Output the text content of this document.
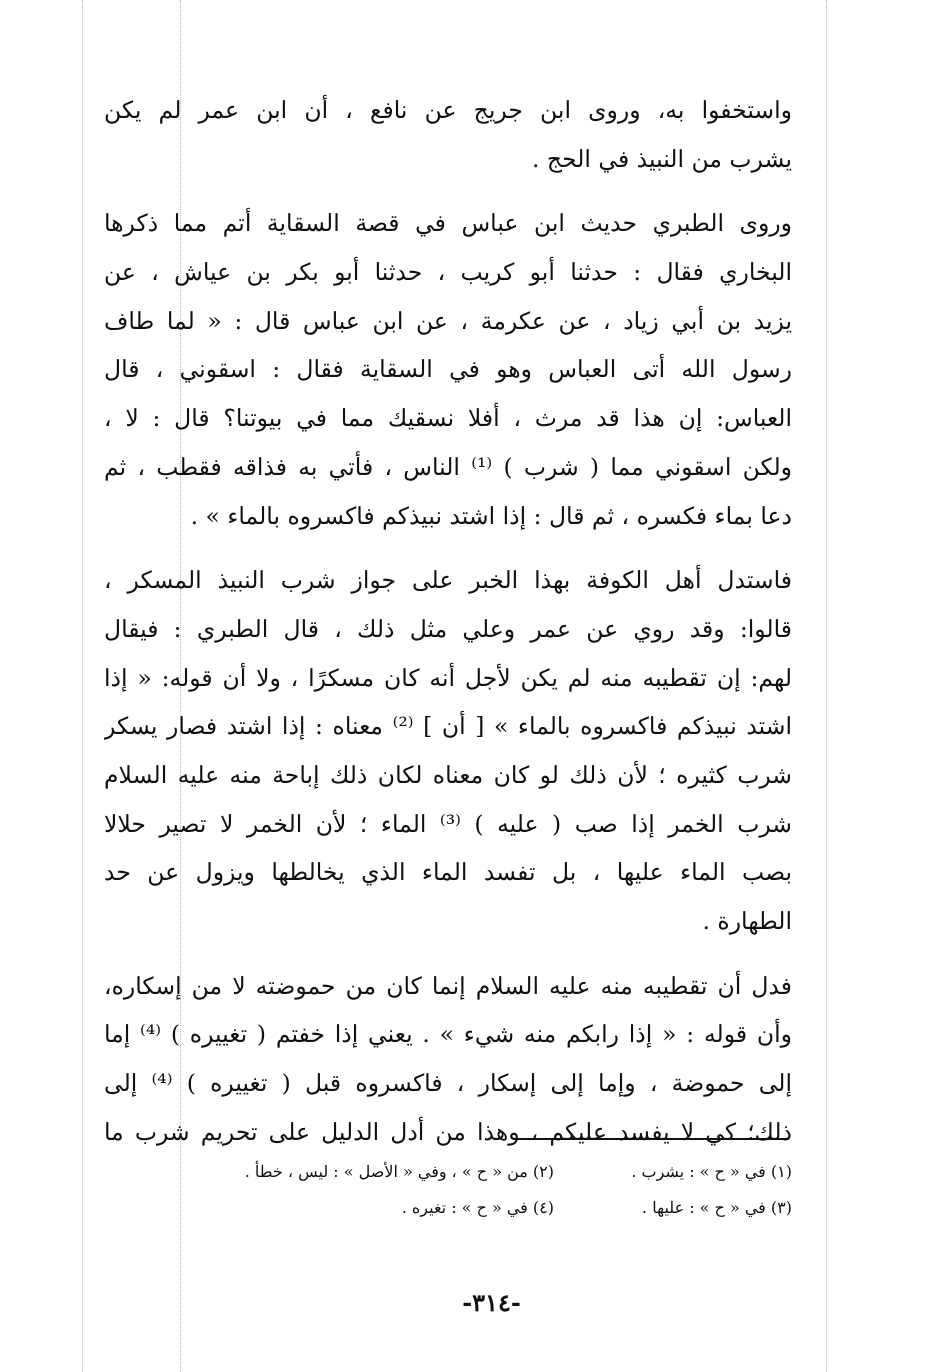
واستخفوا به، وروى ابن جريج عن نافع ، أن ابن عمر لم يكن
يشرب من النبيذ في الحج .

وروى الطبري حديث ابن عباس في قصة السقاية أتم مما ذكرها
البخاري فقال : حدثنا أبو كريب ، حدثنا أبو بكر بن عياش ، عن
يزيد بن أبي زياد ، عن عكرمة ، عن ابن عباس قال : « لما طاف
رسول الله أتى العباس وهو في السقاية فقال : اسقوني ، قال
العباس: إن هذا قد مرث ، أفلا نسقيك مما في بيوتنا؟ قال : لا ،
ولكن اسقوني مما ( شرب ) ⁽¹⁾ الناس ، فأتي به فذاقه فقطب ، ثم
دعا بماء فكسره ، ثم قال : إذا اشتد نبيذكم فاكسروه بالماء » .

فاستدل أهل الكوفة بهذا الخبر على جواز شرب النبيذ المسكر ،
قالوا: وقد روي عن عمر وعلي مثل ذلك ، قال الطبري : فيقال
لهم: إن تقطيبه منه لم يكن لأجل أنه كان مسكرًا ، ولا أن قوله: « إذا
اشتد نبيذكم فاكسروه بالماء » [ أن ] ⁽²⁾ معناه : إذا اشتد فصار يسكر
شرب كثيره ؛ لأن ذلك لو كان معناه لكان ذلك إباحة منه عليه السلام
شرب الخمر إذا صب ( عليه ) ⁽³⁾ الماء ؛ لأن الخمر لا تصير حلالا
بصب الماء عليها ، بل تفسد الماء الذي يخالطها ويزول عن حد
الطهارة .

فدل أن تقطيبه منه عليه السلام إنما كان من حموضته لا من إسكاره،
وأن قوله : « إذا رابكم منه شيء » . يعني إذا خفتم ( تغييره ) ⁽⁴⁾ إما
إلى حموضة ، وإما إلى إسكار ، فاكسروه قبل ( تغييره ) ⁽⁴⁾ إلى
ذلك؛ كي لا يفسد عليكم ، وهذا من أدل الدليل على تحريم شرب ما

(١) في « ح » : يشرب .
(٢) من « ح » ، وفي « الأصل » : ليس ، خطأ .
(٣) في « ح » : عليها .
(٤) في « ح » : تغيره .
-٣١٤-
